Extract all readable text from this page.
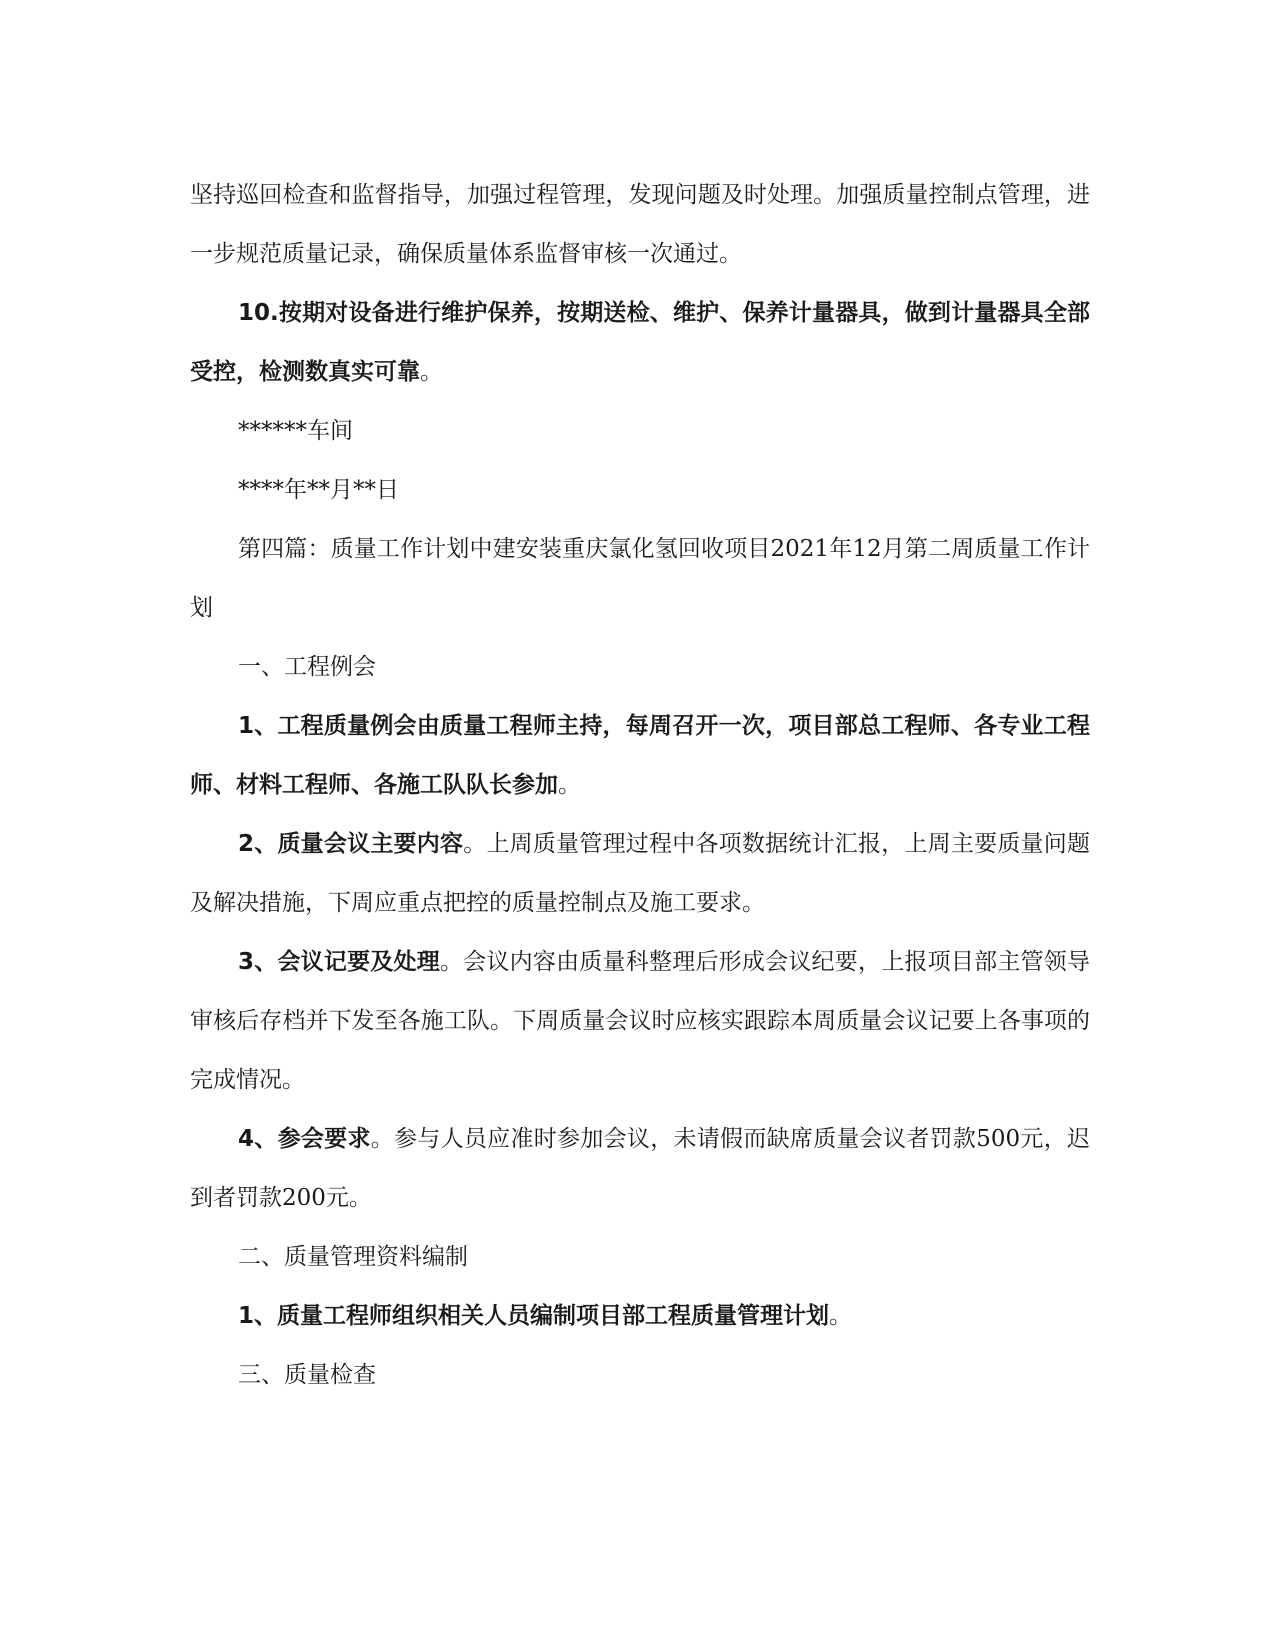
坚持巡回检查和监督指导，加强过程管理，发现问题及时处理。加强质量控制点管理，进一步规范质量记录，确保质量体系监督审核一次通过。

10.按期对设备进行维护保养，按期送检、维护、保养计量器具，做到计量器具全部受控，检测数真实可靠。

******车间

****年**月**日

第四篇：质量工作计划中建安装重庆氯化氢回收项目2021年12月第二周质量工作计划

一、工程例会

1、工程质量例会由质量工程师主持，每周召开一次，项目部总工程师、各专业工程师、材料工程师、各施工队队长参加。

2、质量会议主要内容。上周质量管理过程中各项数据统计汇报，上周主要质量问题及解决措施，下周应重点把控的质量控制点及施工要求。

3、会议记要及处理。会议内容由质量科整理后形成会议纪要，上报项目部主管领导审核后存档并下发至各施工队。下周质量会议时应核实跟踪本周质量会议记要上各事项的完成情况。

4、参会要求。参与人员应准时参加会议，未请假而缺席质量会议者罚款500元，迟到者罚款200元。

二、质量管理资料编制

1、质量工程师组织相关人员编制项目部工程质量管理计划。

三、质量检查
